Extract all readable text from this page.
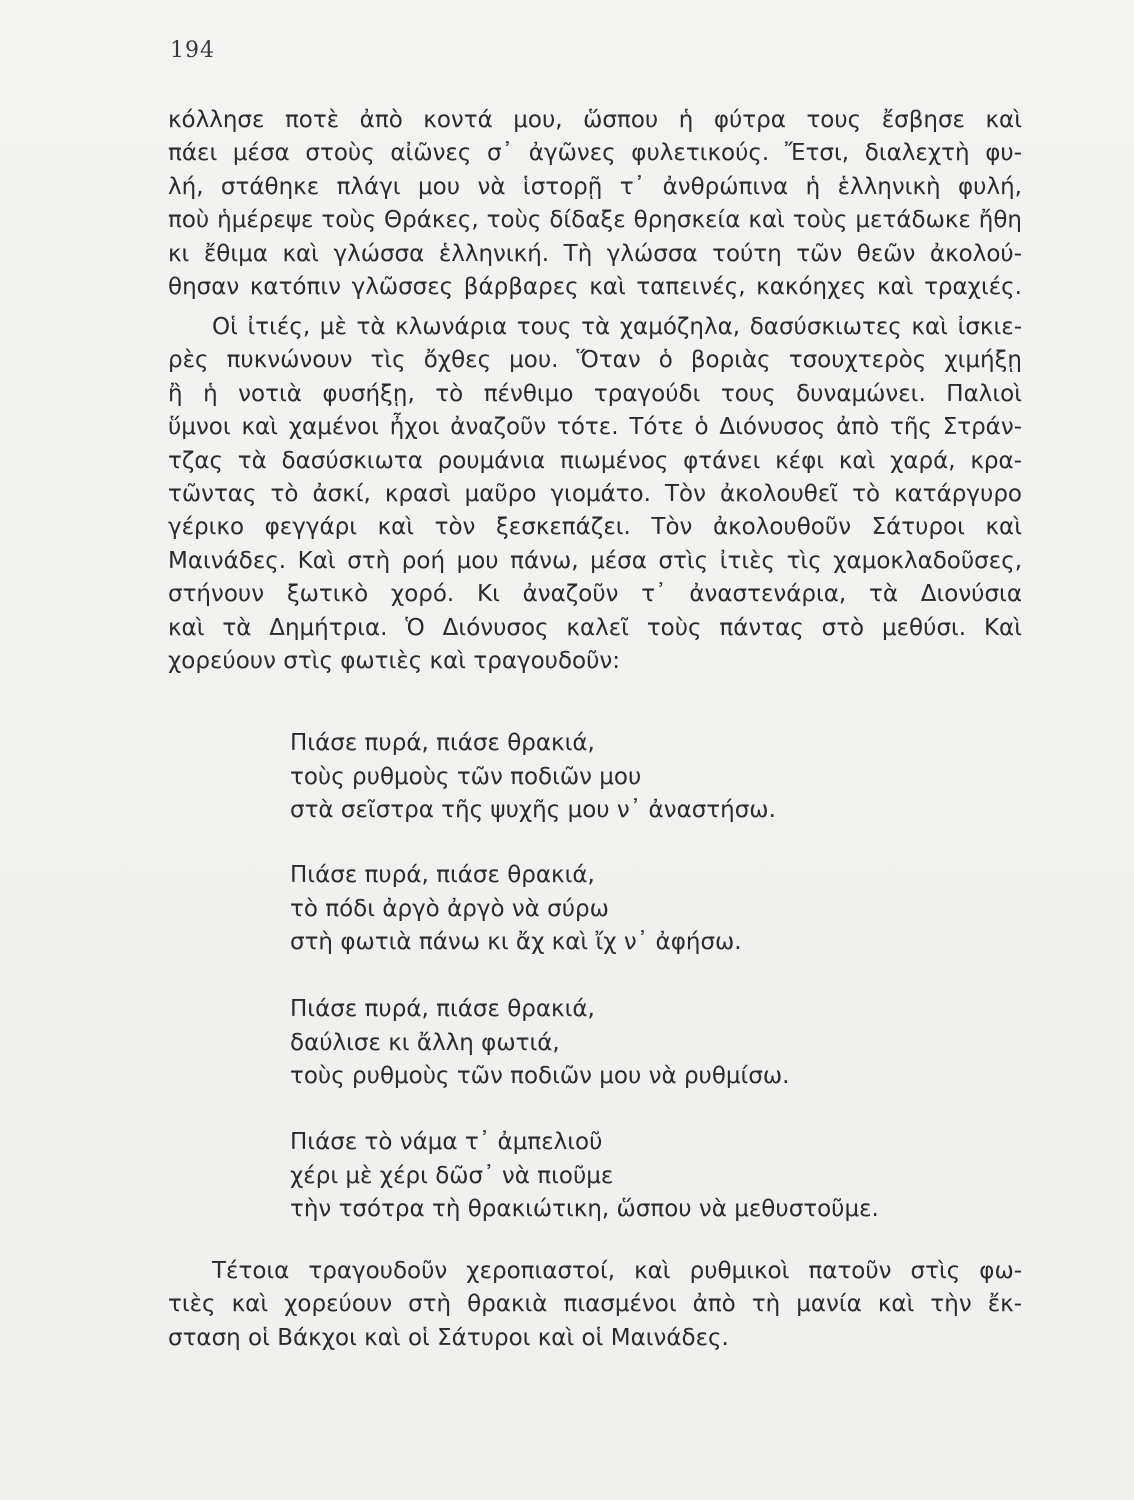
194
κόλλησε ποτὲ ἀπὸ κοντά μου, ὥσπου ἡ φύτρα τους ἔσβησε καὶ
πάει μέσα στοὺς αἰῶνες σ᾽ ἀγῶνες φυλετικούς. Ἔτσι, διαλεχτὴ φυ-
λή, στάθηκε πλάγι μου νὰ ἱστορῇ τ᾽ ἀνθρώπινα ἡ ἑλληνικὴ φυλή,
ποὺ ἡμέρεψε τοὺς Θράκες, τοὺς δίδαξε θρησκεία καὶ τοὺς μετάδωκε ἤθη
κι ἔθιμα καὶ γλώσσα ἑλληνική. Τὴ γλώσσα τούτη τῶν θεῶν ἀκολού-
θησαν κατόπιν γλῶσσες βάρβαρες καὶ ταπεινές, κακόηχες καὶ τραχιές.
Οἱ ἰτιές, μὲ τὰ κλωνάρια τους τὰ χαμόζηλα, δασύσκιωτες καὶ ἰσκιε-
ρὲς πυκνώνουν τὶς ὄχθες μου. Ὅταν ὁ βοριὰς τσουχτερὸς χιμήξῃ
ἢ ἡ νοτιὰ φυσήξῃ, τὸ πένθιμο τραγούδι τους δυναμώνει. Παλιοὶ
ὕμνοι καὶ χαμένοι ἦχοι ἀναζοῦν τότε. Τότε ὁ Διόνυσος ἀπὸ τῆς Στράν-
τζας τὰ δασύσκιωτα ρουμάνια πιωμένος φτάνει κέφι καὶ χαρά, κρα-
τῶντας τὸ ἀσκί, κρασὶ μαῦρο γιομάτο. Τὸν ἀκολουθεῖ τὸ κατάργυρο
γέρικο φεγγάρι καὶ τὸν ξεσκεπάζει. Τὸν ἀκολουθοῦν Σάτυροι καὶ
Μαινάδες. Καὶ στὴ ροή μου πάνω, μέσα στὶς ἰτιὲς τὶς χαμοκλαδοῦσες,
στήνουν ξωτικὸ χορό. Κι ἀναζοῦν τ᾽ ἀναστενάρια, τὰ Διονύσια
καὶ τὰ Δημήτρια. Ὁ Διόνυσος καλεῖ τοὺς πάντας στὸ μεθύσι. Καὶ
χορεύουν στὶς φωτιὲς καὶ τραγουδοῦν:
Πιάσε πυρά, πιάσε θρακιά,
τοὺς ρυθμοὺς τῶν ποδιῶν μου
στὰ σεῖστρα τῆς ψυχῆς μου ν᾽ ἀναστήσω.
Πιάσε πυρά, πιάσε θρακιά,
τὸ πόδι ἀργὸ ἀργὸ νὰ σύρω
στὴ φωτιὰ πάνω κι ἄχ καὶ ἴχ ν᾽ ἀφήσω.
Πιάσε πυρά, πιάσε θρακιά,
δαύλισε κι ἄλλη φωτιά,
τοὺς ρυθμοὺς τῶν ποδιῶν μου νὰ ρυθμίσω.
Πιάσε τὸ νάμα τ᾽ ἀμπελιοῦ
χέρι μὲ χέρι δῶσ᾽ νὰ πιοῦμε
τὴν τσότρα τὴ θρακιώτικη, ὥσπου νὰ μεθυστοῦμε.
Τέτοια τραγουδοῦν χεροπιαστοί, καὶ ρυθμικοὶ πατοῦν στὶς φω-
τιὲς καὶ χορεύουν στὴ θρακιὰ πιασμένοι ἀπὸ τὴ μανία καὶ τὴν ἔκ-
σταση οἱ Βάκχοι καὶ οἱ Σάτυροι καὶ οἱ Μαινάδες.
